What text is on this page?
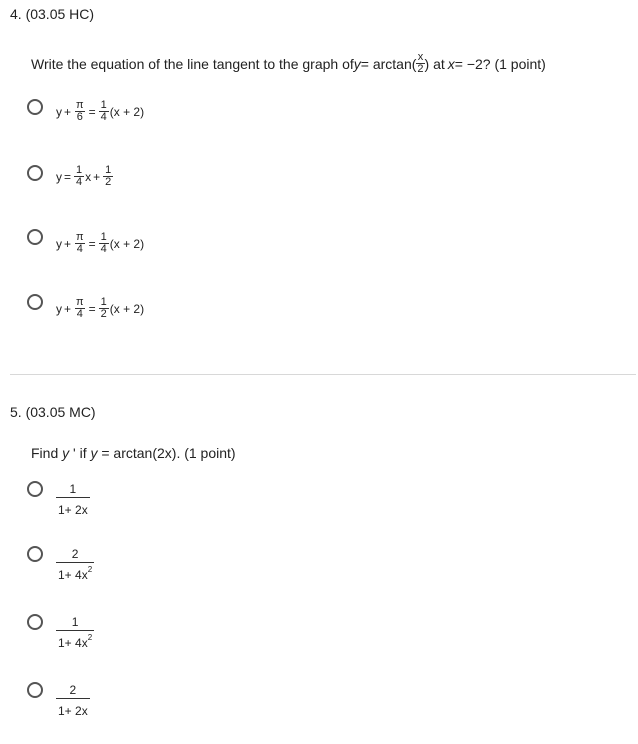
4. (03.05 HC)
Write the equation of the line tangent to the graph of $y = \arctan( \frac{x}{2}$ ) at x = −2? (1 point)
$y + \frac{\pi}{6} = \frac{1}{4} (x + 2)$
$y = \frac{1}{4}$ $x + \frac{1}{2}$
$y + \frac{\pi}{4} = \frac{1}{4} (x + 2)$
$y + \frac{\pi}{4} = \frac{1}{2} (x + 2)$
5. (03.05 MC)
Find y ' if y = arctan(2x). (1 point)
$\frac{1}{1+ 2x}$
$\frac{2}{1+ 4x^2}$
$\frac{1}{1+ 4x^2}$
$\frac{2}{1+ 2x}$
